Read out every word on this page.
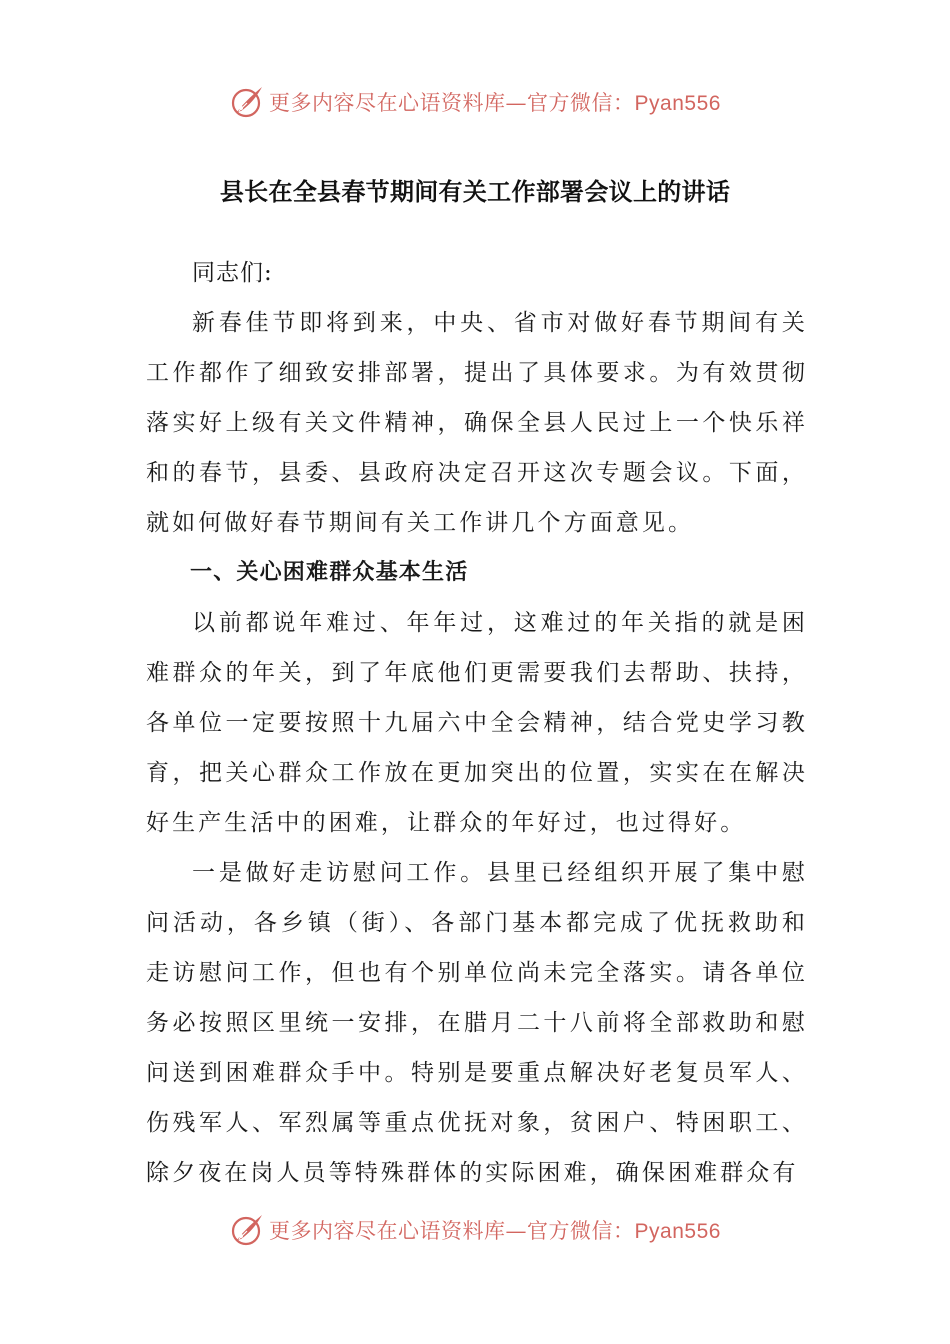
更多内容尽在心语资料库—官方微信：Pyan556
县长在全县春节期间有关工作部署会议上的讲话

同志们:

新春佳节即将到来，中央、省市对做好春节期间有关工作都作了细致安排部署，提出了具体要求。为有效贯彻落实好上级有关文件精神，确保全县人民过上一个快乐祥和的春节，县委、县政府决定召开这次专题会议。下面，就如何做好春节期间有关工作讲几个方面意见。

一、关心困难群众基本生活

以前都说年难过、年年过，这难过的年关指的就是困难群众的年关，到了年底他们更需要我们去帮助、扶持，各单位一定要按照十九届六中全会精神，结合党史学习教育，把关心群众工作放在更加突出的位置，实实在在解决好生产生活中的困难，让群众的年好过，也过得好。

一是做好走访慰问工作。县里已经组织开展了集中慰问活动，各乡镇（街）、各部门基本都完成了优抚救助和走访慰问工作，但也有个别单位尚未完全落实。请各单位务必按照区里统一安排，在腊月二十八前将全部救助和慰问送到困难群众手中。特别是要重点解决好老复员军人、伤残军人、军烈属等重点优抚对象，贫困户、特困职工、除夕夜在岗人员等特殊群体的实际困难，确保困难群众有

更多内容尽在心语资料库—官方微信：Pyan556
